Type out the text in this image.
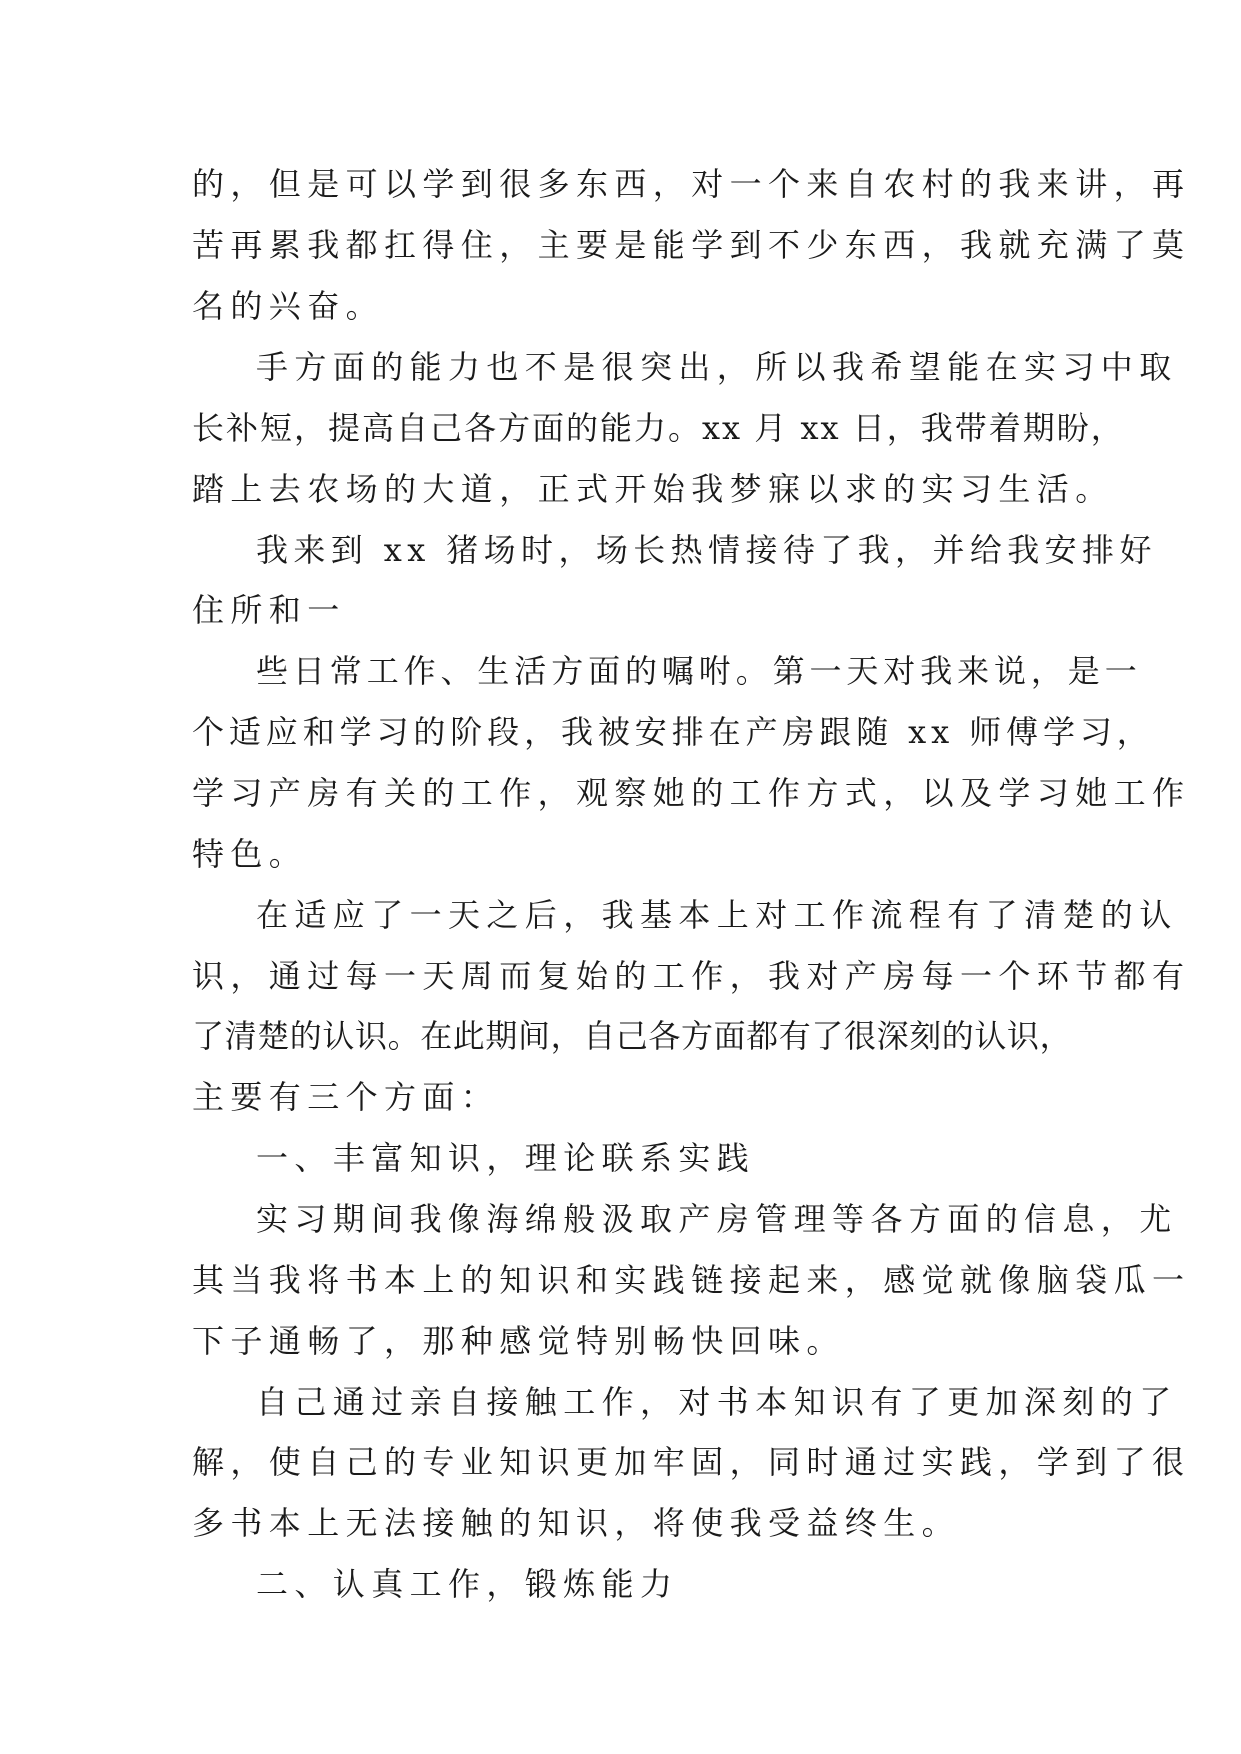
的，但是可以学到很多东西，对一个来自农村的我来讲，再
苦再累我都扛得住，主要是能学到不少东西，我就充满了莫
名的兴奋。
手方面的能力也不是很突出，所以我希望能在实习中取
长补短，提高自己各方面的能力。xx 月 xx 日，我带着期盼，
踏上去农场的大道，正式开始我梦寐以求的实习生活。
我来到 xx 猪场时，场长热情接待了我，并给我安排好
住所和一
些日常工作、生活方面的嘱咐。第一天对我来说，是一
个适应和学习的阶段，我被安排在产房跟随 xx 师傅学习，
学习产房有关的工作，观察她的工作方式，以及学习她工作
特色。
在适应了一天之后，我基本上对工作流程有了清楚的认
识，通过每一天周而复始的工作，我对产房每一个环节都有
了清楚的认识。在此期间，自己各方面都有了很深刻的认识，
主要有三个方面：
一、丰富知识，理论联系实践
实习期间我像海绵般汲取产房管理等各方面的信息，尤
其当我将书本上的知识和实践链接起来，感觉就像脑袋瓜一
下子通畅了，那种感觉特别畅快回味。
自己通过亲自接触工作，对书本知识有了更加深刻的了
解，使自己的专业知识更加牢固，同时通过实践，学到了很
多书本上无法接触的知识，将使我受益终生。
二、认真工作，锻炼能力
